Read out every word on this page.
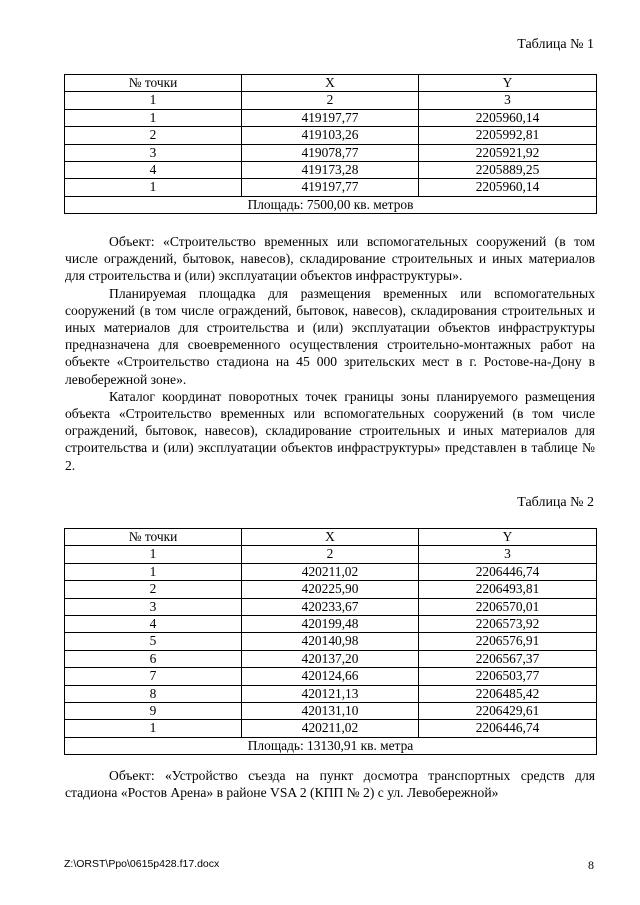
Таблица № 1
№ точки	X	Y
1	2	3
1	419197,77	2205960,14
2	419103,26	2205992,81
3	419078,77	2205921,92
4	419173,28	2205889,25
1	419197,77	2205960,14
Площадь: 7500,00 кв. метров		

Объект: «Строительство временных или вспомогательных сооружений (в том числе ограждений, бытовок, навесов), складирование строительных и иных материалов для строительства и (или) эксплуатации объектов инфраструктуры».

Планируемая площадка для размещения временных или вспомогательных сооружений (в том числе ограждений, бытовок, навесов), складирования строительных и иных материалов для строительства и (или) эксплуатации объектов инфраструктуры предназначена для своевременного осуществления строительно-монтажных работ на объекте «Строительство стадиона на 45 000 зрительских мест в г. Ростове-на-Дону в левобережной зоне».

Каталог координат поворотных точек границы зоны планируемого размещения объекта «Строительство временных или вспомогательных сооружений (в том числе ограждений, бытовок, навесов), складирование строительных и иных материалов для строительства и (или) эксплуатации объектов инфраструктуры» представлен в таблице № 2.

Таблица № 2
№ точки	X	Y
1	2	3
1	420211,02	2206446,74
2	420225,90	2206493,81
3	420233,67	2206570,01
4	420199,48	2206573,92
5	420140,98	2206576,91
6	420137,20	2206567,37
7	420124,66	2206503,77
8	420121,13	2206485,42
9	420131,10	2206429,61
1	420211,02	2206446,74
Площадь: 13130,91 кв. метра		

Объект: «Устройство съезда на пункт досмотра транспортных средств для стадиона «Ростов Арена» в районе VSA 2 (КПП № 2) с ул. Левобережной»

Z:\ORST\Ppo\0615p428.f17.docx	8
